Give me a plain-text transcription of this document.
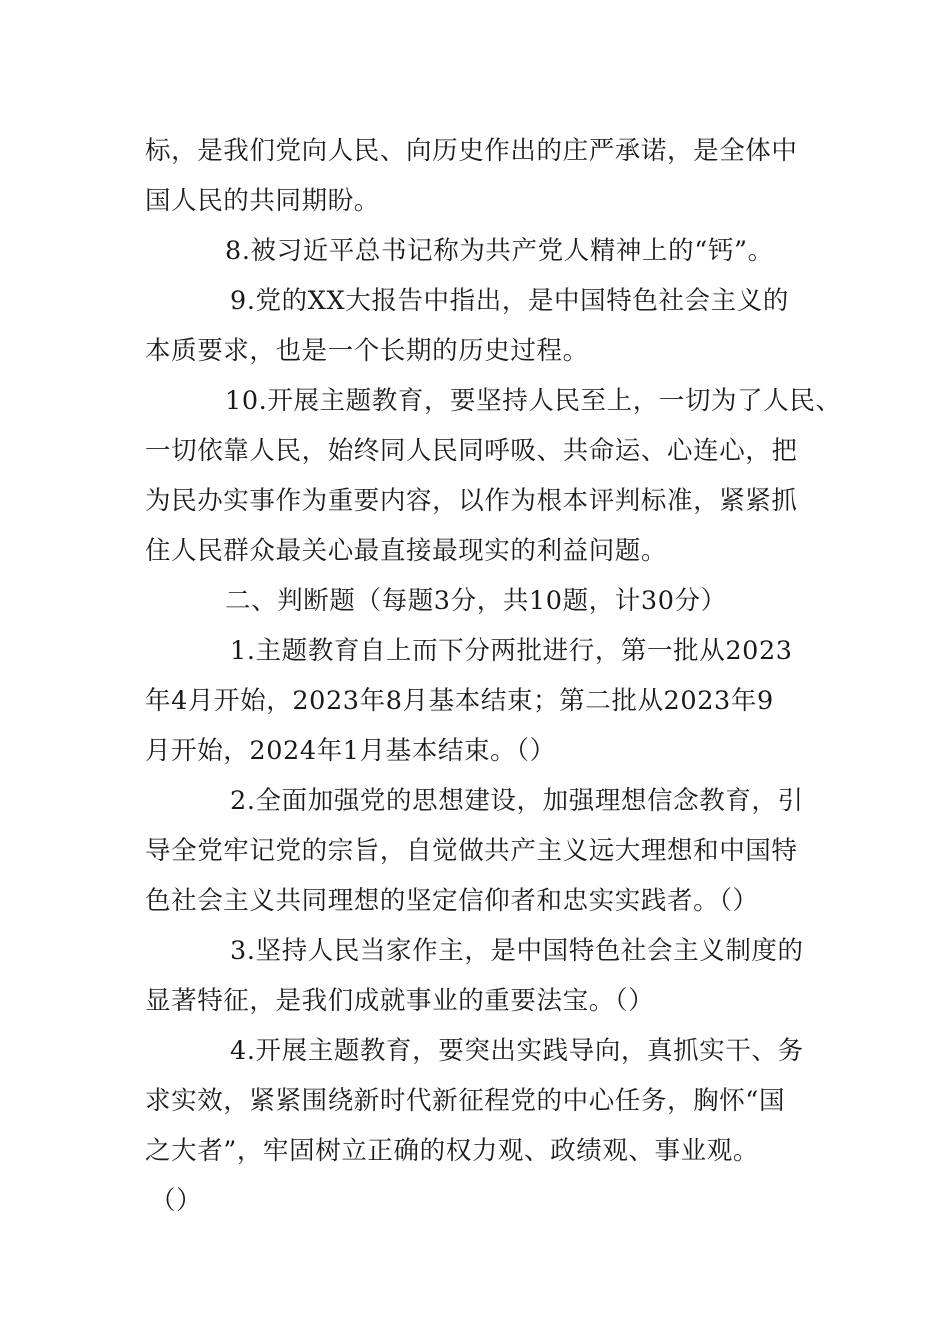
标，是我们党向人民、向历史作出的庄严承诺，是全体中
国人民的共同期盼。
8.被习近平总书记称为共产党人精神上的“钙”。
9.党的XX大报告中指出，是中国特色社会主义的
本质要求，也是一个长期的历史过程。
10.开展主题教育，要坚持人民至上，一切为了人民、
一切依靠人民，始终同人民同呼吸、共命运、心连心，把
为民办实事作为重要内容，以作为根本评判标准，紧紧抓
住人民群众最关心最直接最现实的利益问题。
二、判断题（每题3分，共10题，计30分）
1.主题教育自上而下分两批进行，第一批从2023
年4月开始，2023年8月基本结束；第二批从2023年9
月开始，2024年1月基本结束。（）
2.全面加强党的思想建设，加强理想信念教育，引
导全党牢记党的宗旨，自觉做共产主义远大理想和中国特
色社会主义共同理想的坚定信仰者和忠实实践者。（）
3.坚持人民当家作主，是中国特色社会主义制度的
显著特征，是我们成就事业的重要法宝。（）
4.开展主题教育，要突出实践导向，真抓实干、务
求实效，紧紧围绕新时代新征程党的中心任务，胸怀“国
之大者”，牢固树立正确的权力观、政绩观、事业观。
（）
